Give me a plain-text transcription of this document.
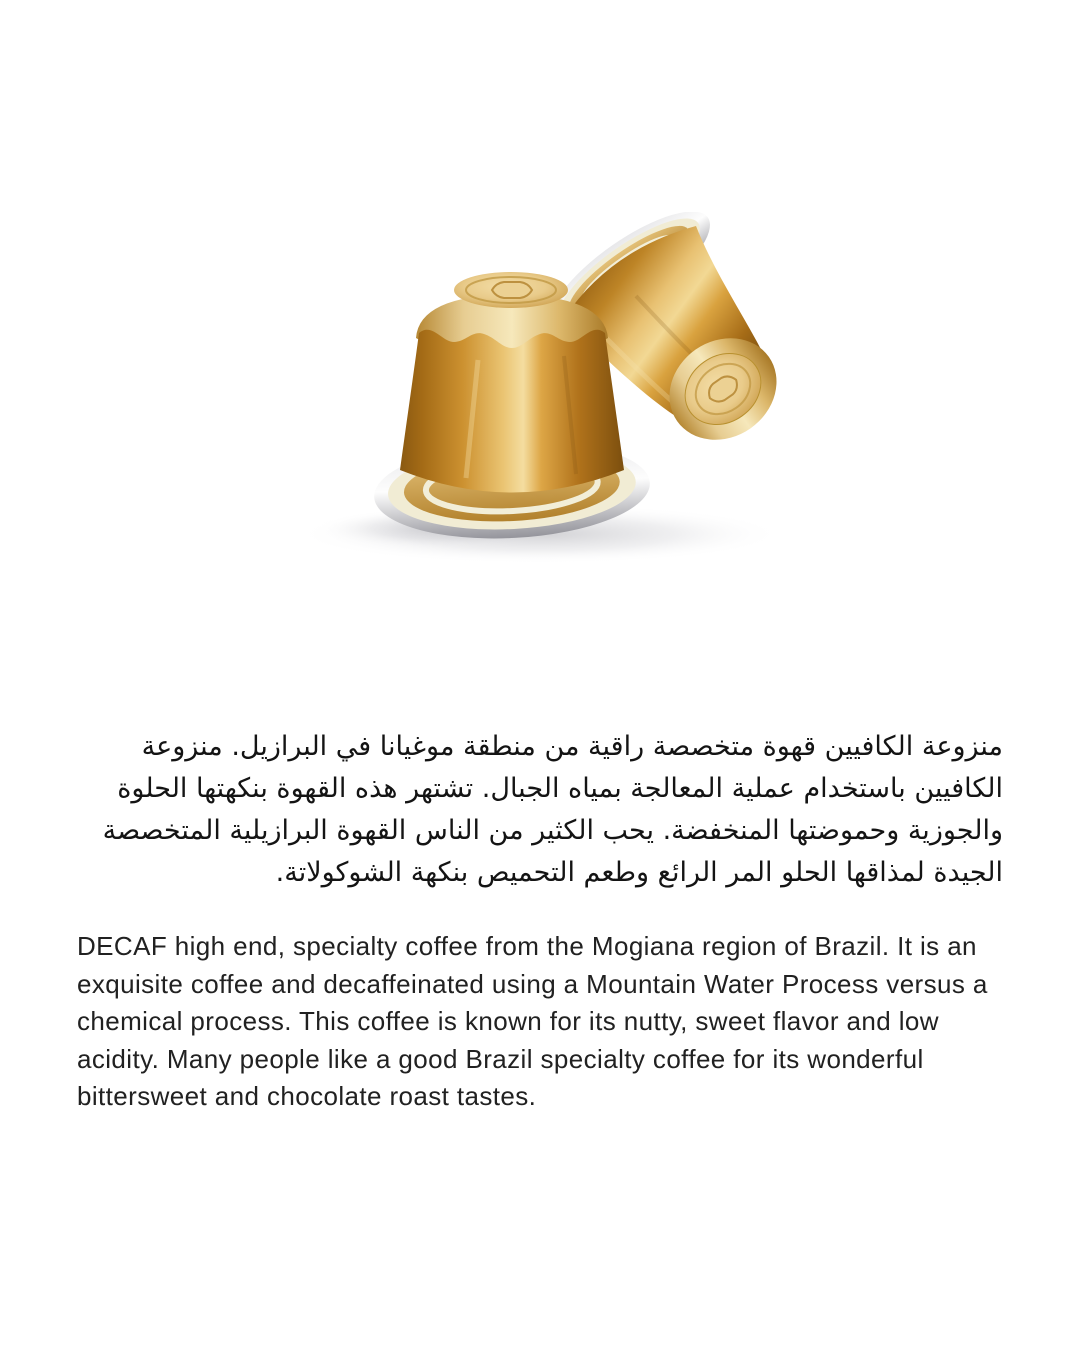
منزوعة الكافيين قهوة متخصصة راقية من منطقة موغيانا في البرازيل. منزوعة الكافيين باستخدام عملية المعالجة بمياه الجبال. تشتهر هذه القهوة بنكهتها الحلوة والجوزية وحموضتها المنخفضة. يحب الكثير من الناس القهوة البرازيلية المتخصصة الجيدة لمذاقها الحلو المر الرائع وطعم التحميص بنكهة الشوكولاتة.
DECAF high end, specialty coffee from the Mogiana region of Brazil. It is an exquisite coffee and decaffeinated using a Mountain Water Process versus a chemical process. This coffee is known for its nutty, sweet flavor and low acidity. Many people like a good Brazil specialty coffee for its wonderful bittersweet and chocolate roast tastes.
